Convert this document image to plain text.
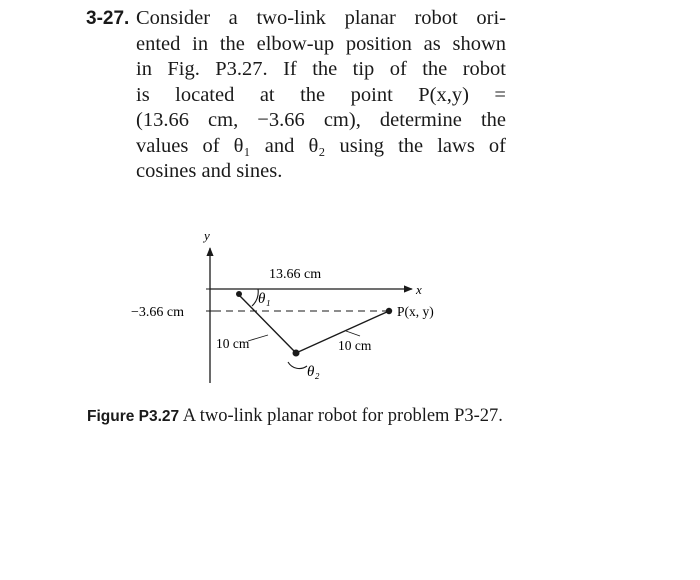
3-27. Consider a two-link planar robot ori-
ented in the elbow-up position as shown
in Fig. P3.27. If the tip of the robot
is located at the point P(x,y) =
(13.66 cm, −3.66 cm), determine the
values of θ₁ and θ₂ using the laws of
cosines and sines.
y
x
13.66 cm
−3.66 cm
θ₁
10 cm	10 cm
θ₂
P(x, y)
Figure P3.27 A two-link planar robot for problem P3-27.
